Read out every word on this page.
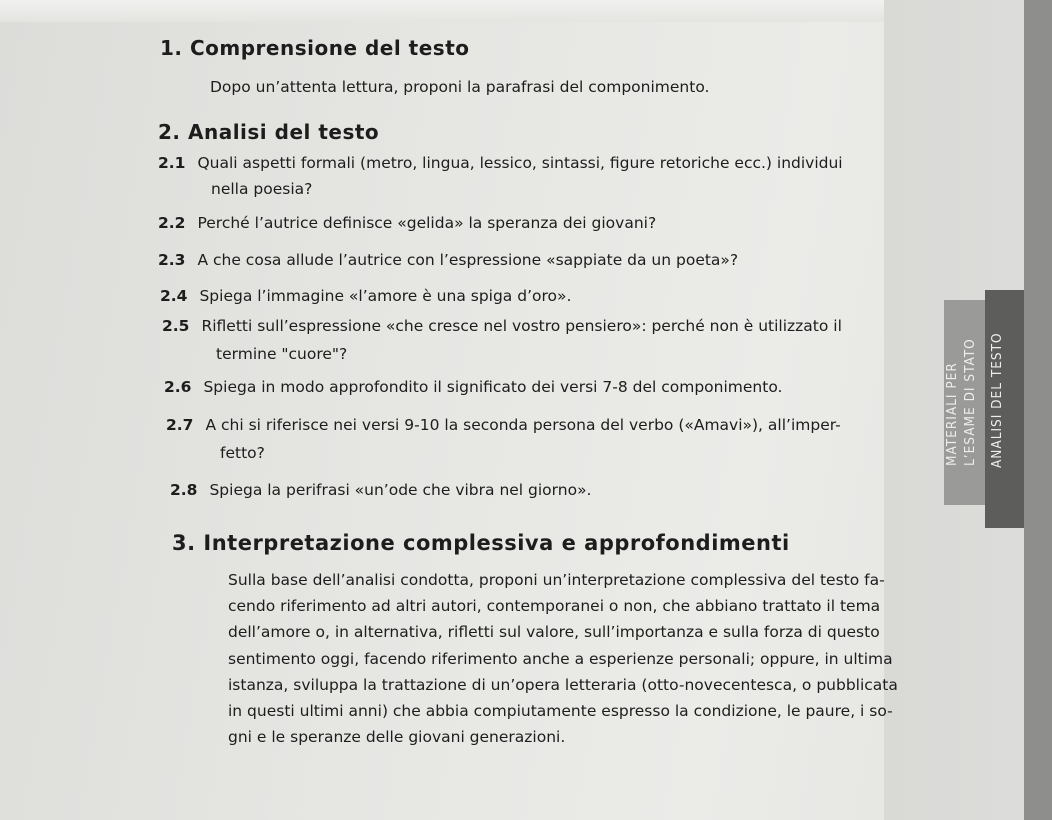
MATERIALI PER L’ESAME DI STATO ANALISI DEL TESTO
1. Comprensione del testo

Dopo un’attenta lettura, proponi la parafrasi del componimento.

2. Analisi del testo
2.1 Quali aspetti formali (metro, lingua, lessico, sintassi, figure retoriche ecc.) individui
nella poesia?
2.2 Perché l’autrice definisce «gelida» la speranza dei giovani?
2.3 A che cosa allude l’autrice con l’espressione «sappiate da un poeta»?
2.4 Spiega l’immagine «l’amore è una spiga d’oro».
2.5 Rifletti sull’espressione «che cresce nel vostro pensiero»: perché non è utilizzato il
termine "cuore"?
2.6 Spiega in modo approfondito il significato dei versi 7-8 del componimento.
2.7 A chi si riferisce nei versi 9-10 la seconda persona del verbo («Amavi»), all’imper-
fetto?
2.8 Spiega la perifrasi «un’ode che vibra nel giorno».
3. Interpretazione complessiva e approfondimenti
Sulla base dell’analisi condotta, proponi un’interpretazione complessiva del testo fa-
cendo riferimento ad altri autori, contemporanei o non, che abbiano trattato il tema
dell’amore o, in alternativa, rifletti sul valore, sull’importanza e sulla forza di questo
sentimento oggi, facendo riferimento anche a esperienze personali; oppure, in ultima
istanza, sviluppa la trattazione di un’opera letteraria (otto-novecentesca, o pubblicata
in questi ultimi anni) che abbia compiutamente espresso la condizione, le paure, i so-
gni e le speranze delle giovani generazioni.
